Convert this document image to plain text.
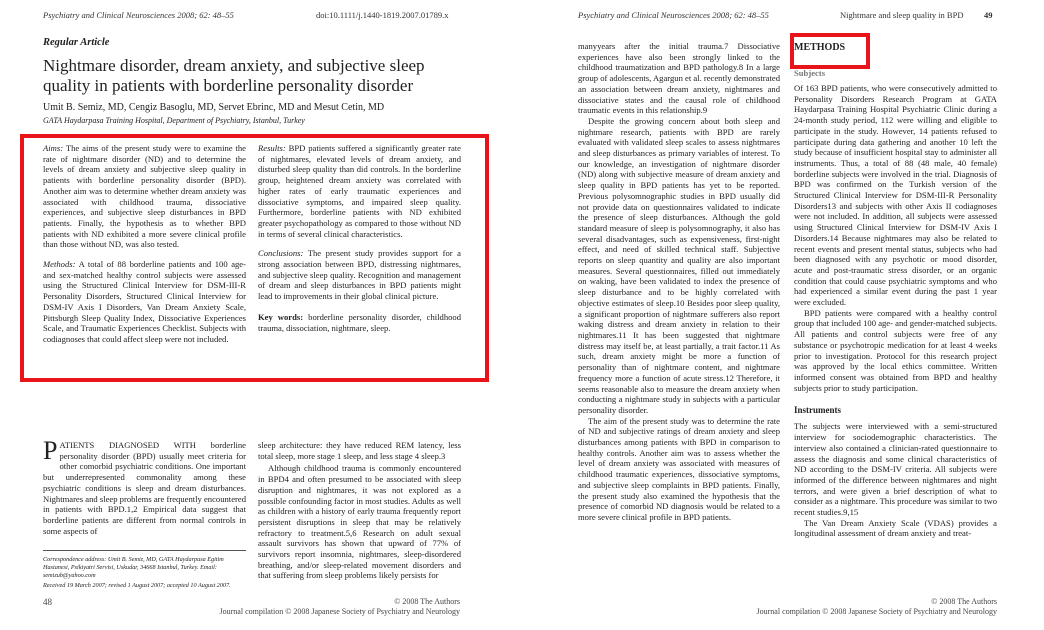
Psychiatry and Clinical Neurosciences 2008; 62: 48–55	doi:10.1111/j.1440-1819.2007.01789.x
Regular Article
Nightmare disorder, dream anxiety, and subjective sleep quality in patients with borderline personality disorder
Umit B. Semiz, MD, Cengiz Basoglu, MD, Servet Ebrinc, MD and Mesut Cetin, MD
GATA Haydarpasa Training Hospital, Department of Psychiatry, Istanbul, Turkey

Aims: The aims of the present study were to examine the rate of nightmare disorder (ND) and to determine the levels of dream anxiety and subjective sleep quality in patients with borderline personality disorder (BPD). Another aim was to determine whether dream anxiety was associated with childhood trauma, dissociative experiences, and subjective sleep disturbances in BPD patients. Finally, the hypothesis as to whether BPD patients with ND exhibited a more severe clinical profile than those without ND, was also tested.

Methods: A total of 88 borderline patients and 100 age- and sex-matched healthy control subjects were assessed using the Structured Clinical Interview for DSM-III-R Personality Disorders, Structured Clinical Interview for DSM-IV Axis I Disorders, Van Dream Anxiety Scale, Pittsburgh Sleep Quality Index, Dissociative Experiences Scale, and Traumatic Experiences Checklist. Subjects with codiagnoses that could affect sleep were not included.

Results: BPD patients suffered a significantly greater rate of nightmares, elevated levels of dream anxiety, and disturbed sleep quality than did controls. In the borderline group, heightened dream anxiety was correlated with higher rates of early traumatic experiences and dissociative symptoms, and impaired sleep quality. Furthermore, borderline patients with ND exhibited greater psychopathology as compared to those without ND in terms of several clinical characteristics.

Conclusions: The present study provides support for a strong association between BPD, distressing nightmares, and subjective sleep quality. Recognition and management of dream and sleep disturbances in BPD patients might lead to improvements in their global clinical picture.

Key words: borderline personality disorder, childhood trauma, dissociation, nightmare, sleep.

PATIENTS DIAGNOSED WITH borderline personality disorder (BPD) usually meet criteria for other comorbid psychiatric conditions. One important but underrepresented commonality among these psychiatric conditions is sleep and dream disturbances. Nightmares and sleep problems are frequently encountered in patients with BPD.1,2 Empirical data suggest that borderline patients are different from normal controls in some aspects of

Correspondence address: Umit B. Semiz, MD, GATA Haydarpasa Egitim Hastanesi, Psikiyatri Servisi, Uskudar, 34668 Istanbul, Turkey. Email: semizub@yahoo.com

Received 19 March 2007; revised 1 August 2007; accepted 10 August 2007.

sleep architecture: they have reduced REM latency, less total sleep, more stage 1 sleep, and less stage 4 sleep.3

Although childhood trauma is commonly encountered in BPD4 and often presumed to be associated with sleep disruption and nightmares, it was not explored as a possible confounding factor in most studies. Adults as well as children with a history of early trauma frequently report persistent disruptions in sleep that may be relatively refractory to treatment.5,6 Research on adult sexual assault survivors has shown that upward of 77% of survivors report insomnia, nightmares, sleep-disordered breathing, and/or sleep-related movement disorders and that suffering from sleep problems likely persists for

48	© 2008 The Authors
Journal compilation © 2008 Japanese Society of Psychiatry and Neurology
Psychiatry and Clinical Neurosciences 2008; 62: 48–55	Nightmare and sleep quality in BPD 49

manyyears after the initial trauma.7 Dissociative experiences have also been strongly linked to the childhood traumatization and BPD pathology.8 In a large group of adolescents, Agargun et al. recently demonstrated an association between dream anxiety, nightmares and dissociative states and the causal role of childhood traumatic events in this relationship.9

Despite the growing concern about both sleep and nightmare research, patients with BPD are rarely evaluated with validated sleep scales to assess nightmares and sleep disturbances as primary variables of interest. To our knowledge, an investigation of nightmare disorder (ND) along with subjective measure of dream anxiety and sleep quality in BPD patients has yet to be reported. Previous polysomnographic studies in BPD usually did not provide data on questionnaires validated to indicate the presence of sleep disturbances. Although the gold standard measure of sleep is polysomnography, it also has several disadvantages, such as expensiveness, first-night effect, and need of skilled technical staff. Subjective reports on sleep quantity and quality are also important measures. Several questionnaires, filled out immediately on waking, have been validated to index the presence of sleep disturbance and to be highly correlated with objective estimates of sleep.10 Besides poor sleep quality, a significant proportion of nightmare sufferers also report waking distress and dream anxiety in relation to their nightmares.11 It has been suggested that nightmare distress may itself be, at least partially, a trait factor.11 As such, dream anxiety might be more a function of personality than of nightmare content, and nightmare frequency more a function of acute stress.12 Therefore, it seems reasonable also to measure the dream anxiety when conducting a nightmare study in subjects with a particular personality disorder.

The aim of the present study was to determine the rate of ND and subjective ratings of dream anxiety and sleep disturbances among patients with BPD in comparison to healthy controls. Another aim was to assess whether the level of dream anxiety was associated with measures of childhood traumatic experiences, dissociative symptoms, and subjective sleep complaints in BPD patients. Finally, the present study also examined the hypothesis that the presence of comorbid ND diagnosis would be related to a more severe clinical profile in BPD patients.

METHODS

Subjects

Of 163 BPD patients, who were consecutively admitted to Personality Disorders Research Program at GATA Haydarpasa Training Hospital Psychiatric Clinic during a 24-month study period, 112 were willing and eligible to participate in the study. However, 14 patients refused to participate during data gathering and another 10 left the study because of insufficient hospital stay to administer all instruments. Thus, a total of 88 (48 male, 40 female) borderline subjects were involved in the trial. Diagnosis of BPD was confirmed on the Turkish version of the Structured Clinical Interview for DSM-III-R Personality Disorders13 and subjects with other Axis II codiagnoses were not included. In addition, all subjects were assessed using Structured Clinical Interview for DSM-IV Axis I Disorders.14 Because nightmares may also be related to recent events and present mental status, subjects who had been diagnosed with any psychotic or mood disorder, acute and post-traumatic stress disorder, or an organic condition that could cause psychiatric symptoms and who had experienced a similar event during the past 1 year were excluded.

BPD patients were compared with a healthy control group that included 100 age- and gender-matched subjects. All patients and control subjects were free of any substance or psychotropic medication for at least 4 weeks prior to investigation. Protocol for this research project was approved by the local ethics committee. Written informed consent was obtained from BPD and healthy subjects prior to study participation.

Instruments

The subjects were interviewed with a semi-structured interview for sociodemographic characteristics. The interview also contained a clinician-rated questionnaire to assess the diagnosis and some clinical characteristics of ND according to the DSM-IV criteria. All subjects were informed of the difference between nightmares and night terrors, and were given a brief description of what to consider as a nightmare. This procedure was similar to two recent studies.9,15

The Van Dream Anxiety Scale (VDAS) provides a longitudinal assessment of dream anxiety and treat-

© 2008 The Authors
Journal compilation © 2008 Japanese Society of Psychiatry and Neurology
